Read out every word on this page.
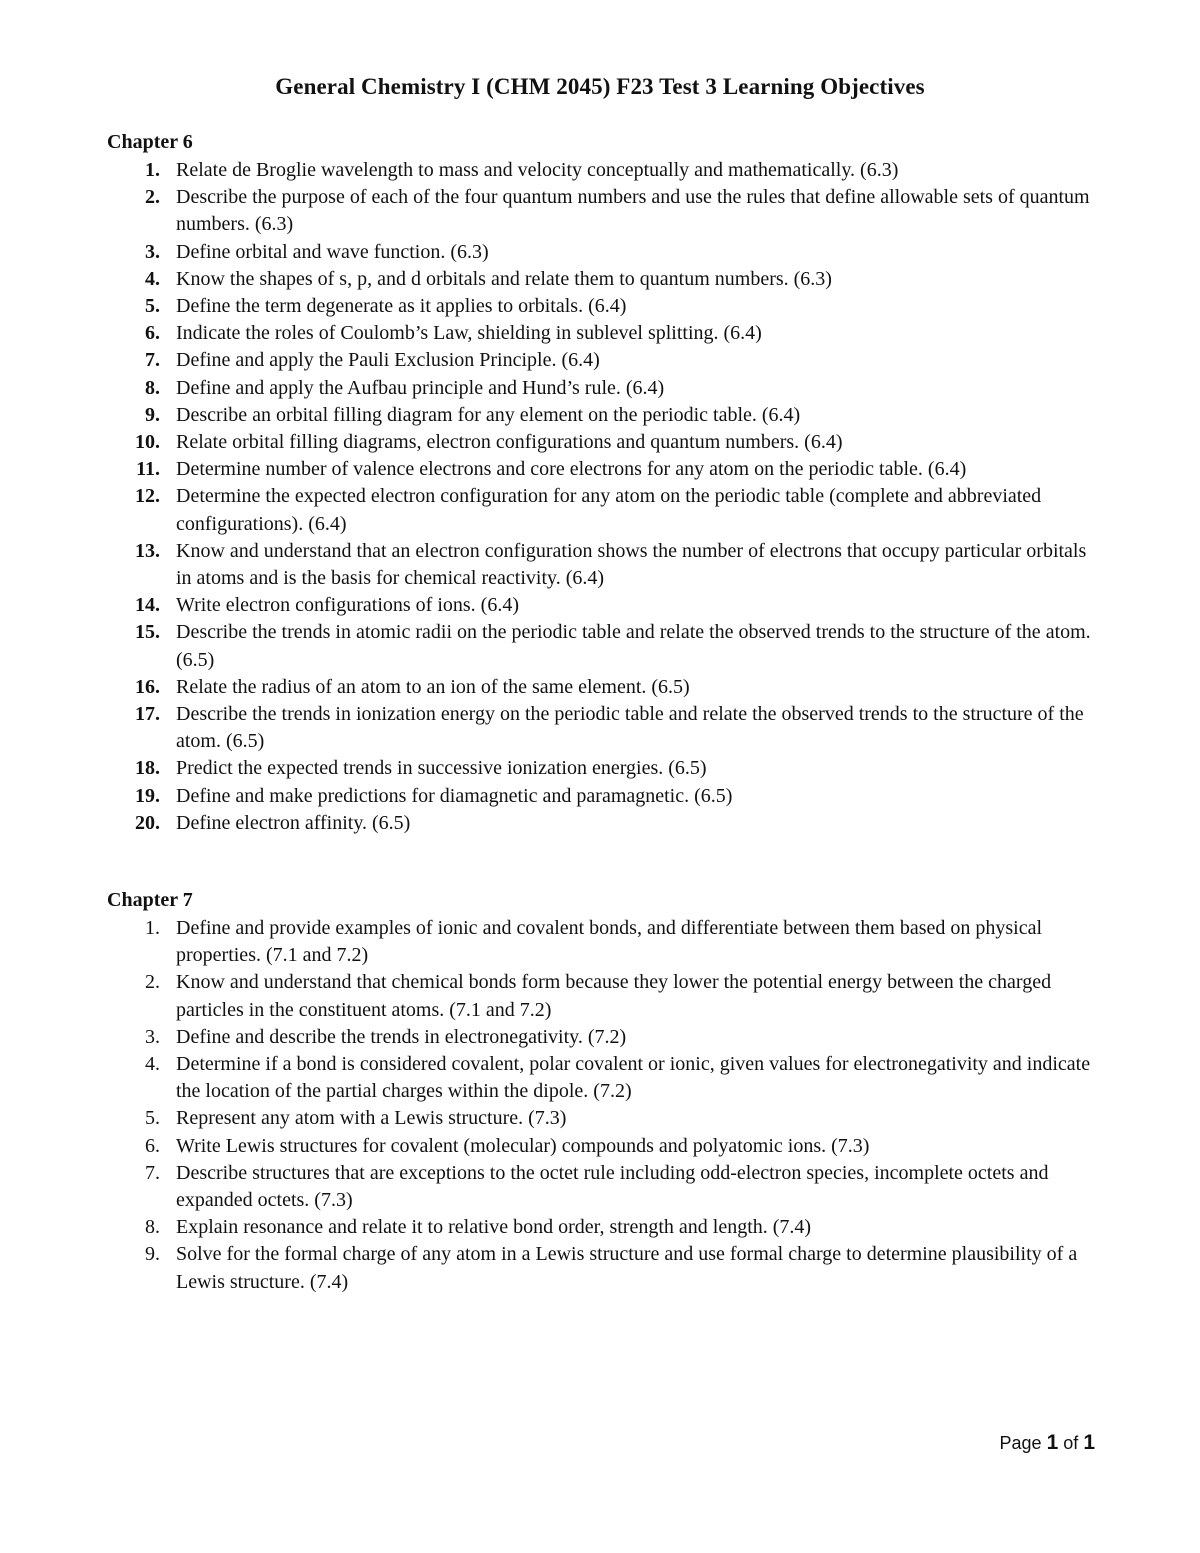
General Chemistry I (CHM 2045) F23 Test 3 Learning Objectives
Chapter 6
1. Relate de Broglie wavelength to mass and velocity conceptually and mathematically. (6.3)
2. Describe the purpose of each of the four quantum numbers and use the rules that define allowable sets of quantum numbers. (6.3)
3. Define orbital and wave function. (6.3)
4. Know the shapes of s, p, and d orbitals and relate them to quantum numbers. (6.3)
5. Define the term degenerate as it applies to orbitals. (6.4)
6. Indicate the roles of Coulomb’s Law, shielding in sublevel splitting. (6.4)
7. Define and apply the Pauli Exclusion Principle. (6.4)
8. Define and apply the Aufbau principle and Hund’s rule. (6.4)
9. Describe an orbital filling diagram for any element on the periodic table. (6.4)
10. Relate orbital filling diagrams, electron configurations and quantum numbers. (6.4)
11. Determine number of valence electrons and core electrons for any atom on the periodic table. (6.4)
12. Determine the expected electron configuration for any atom on the periodic table (complete and abbreviated configurations). (6.4)
13. Know and understand that an electron configuration shows the number of electrons that occupy particular orbitals in atoms and is the basis for chemical reactivity. (6.4)
14. Write electron configurations of ions. (6.4)
15. Describe the trends in atomic radii on the periodic table and relate the observed trends to the structure of the atom. (6.5)
16. Relate the radius of an atom to an ion of the same element. (6.5)
17. Describe the trends in ionization energy on the periodic table and relate the observed trends to the structure of the atom. (6.5)
18. Predict the expected trends in successive ionization energies. (6.5)
19. Define and make predictions for diamagnetic and paramagnetic. (6.5)
20. Define electron affinity. (6.5)
Chapter 7
1. Define and provide examples of ionic and covalent bonds, and differentiate between them based on physical properties. (7.1 and 7.2)
2. Know and understand that chemical bonds form because they lower the potential energy between the charged particles in the constituent atoms. (7.1 and 7.2)
3. Define and describe the trends in electronegativity. (7.2)
4. Determine if a bond is considered covalent, polar covalent or ionic, given values for electronegativity and indicate the location of the partial charges within the dipole. (7.2)
5. Represent any atom with a Lewis structure. (7.3)
6. Write Lewis structures for covalent (molecular) compounds and polyatomic ions. (7.3)
7. Describe structures that are exceptions to the octet rule including odd-electron species, incomplete octets and expanded octets. (7.3)
8. Explain resonance and relate it to relative bond order, strength and length. (7.4)
9. Solve for the formal charge of any atom in a Lewis structure and use formal charge to determine plausibility of a Lewis structure. (7.4)
Page 1 of 1
